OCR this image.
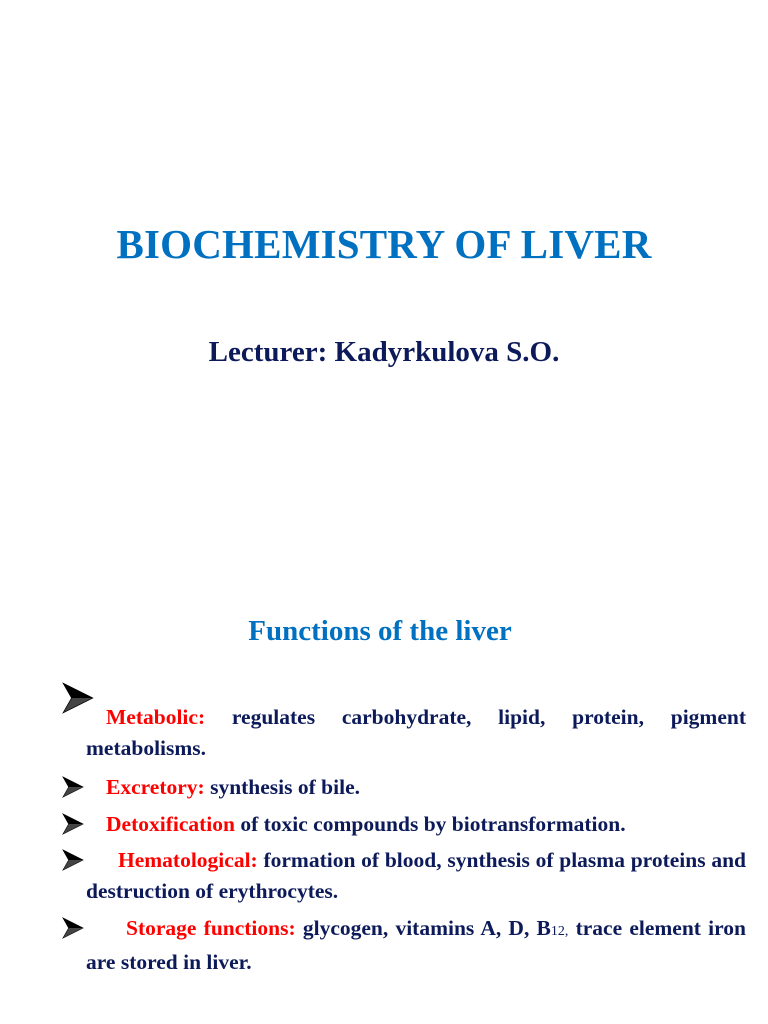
BIOCHEMISTRY OF LIVER
Lecturer: Kadyrkulova S.O.
Functions of the liver
Metabolic: regulates carbohydrate, lipid, protein, pigment metabolisms.
Excretory: synthesis of bile.
Detoxification of toxic compounds by biotransformation.
Hematological: formation of blood, synthesis of plasma proteins and destruction of erythrocytes.
Storage functions: glycogen, vitamins A, D, B12, trace element iron are stored in liver.
